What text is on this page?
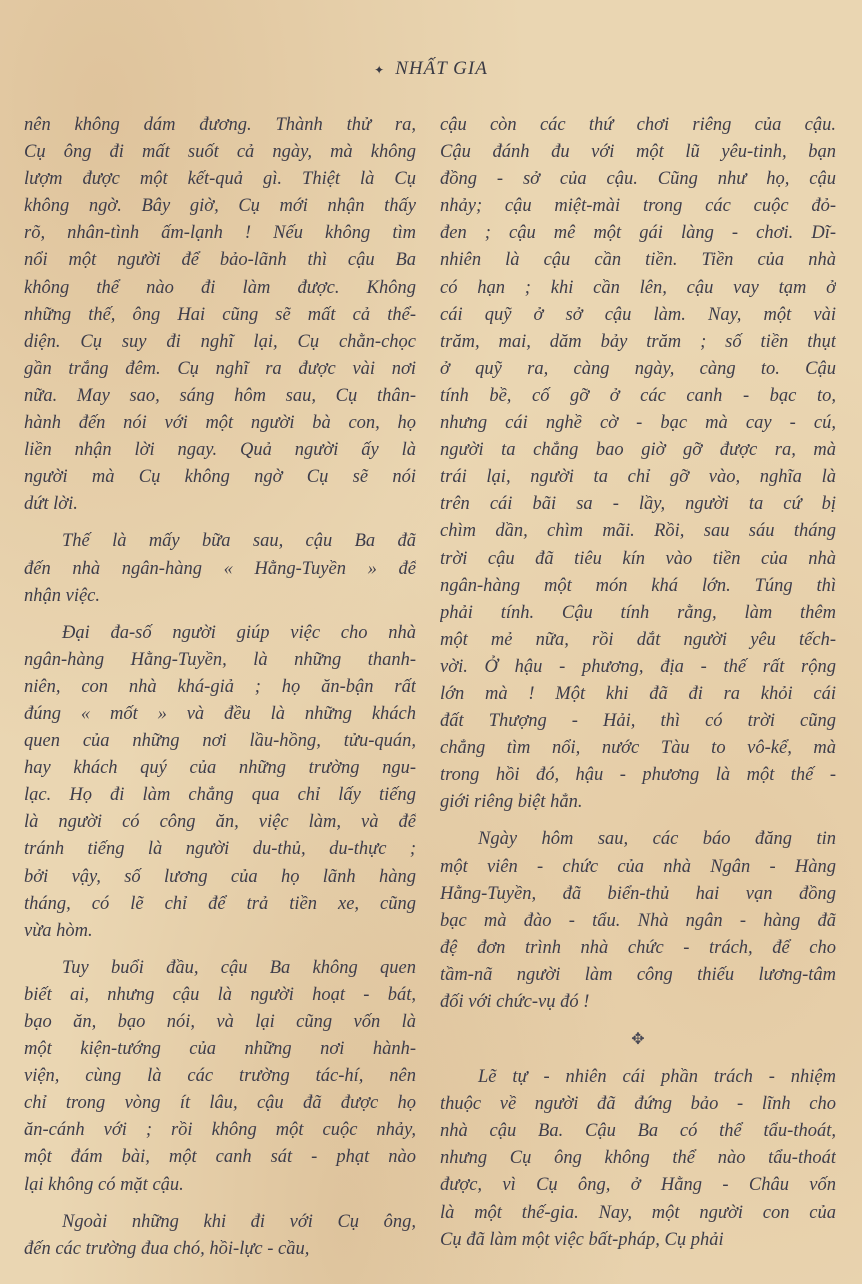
✦ NHẤT GIA
nên không dám đương. Thành thử ra,
Cụ ông đi mất suốt cả ngày, mà không
lượm được một kết-quả gì. Thiệt là Cụ
không ngờ. Bây giờ, Cụ mới nhận thấy
rõ, nhân-tình ấm-lạnh ! Nếu không tìm
nổi một người để bảo-lãnh thì cậu Ba
không thể nào đi làm được. Không
những thế, ông Hai cũng sẽ mất cả thể-
diện. Cụ suy đi nghĩ lại, Cụ chằn-chọc
gần trắng đêm. Cụ nghĩ ra được vài nơi
nữa. May sao, sáng hôm sau, Cụ thân-
hành đến nói với một người bà con, họ
liền nhận lời ngay. Quả người ấy là
người mà Cụ không ngờ Cụ sẽ nói
dứt lời.
Thế là mấy bữa sau, cậu Ba đã
đến nhà ngân-hàng « Hằng-Tuyền » để
nhận việc.
Đại đa-số người giúp việc cho nhà
ngân-hàng Hằng-Tuyền, là những thanh-
niên, con nhà khá-giả ; họ ăn-bận rất
đúng « mốt » và đều là những khách
quen của những nơi lầu-hồng, tửu-quán,
hay khách quý của những trường ngu-
lạc. Họ đi làm chẳng qua chỉ lấy tiếng
là người có công ăn, việc làm, và để
tránh tiếng là người du-thủ, du-thực ;
bởi vậy, số lương của họ lãnh hàng
tháng, có lẽ chỉ để trả tiền xe, cũng
vừa hòm.
Tuy buổi đầu, cậu Ba không quen
biết ai, nhưng cậu là người hoạt - bát,
bạo ăn, bạo nói, và lại cũng vốn là
một kiện-tướng của những nơi hành-
viện, cùng là các trường tác-hí, nên
chỉ trong vòng ít lâu, cậu đã được họ
ăn-cánh với ; rồi không một cuộc nhảy,
một đám bài, một canh sát - phạt nào
lại không có mặt cậu.
Ngoài những khi đi với Cụ ông,
đến các trường đua chó, hồi-lực - cầu,
cậu còn các thứ chơi riêng của cậu.
Cậu đánh đu với một lũ yêu-tinh, bạn
đồng - sở của cậu. Cũng như họ, cậu
nhảy; cậu miệt-mài trong các cuộc đỏ-
đen ; cậu mê một gái làng - chơi. Dĩ-
nhiên là cậu cần tiền. Tiền của nhà
có hạn ; khi cần lên, cậu vay tạm ở
cái quỹ ở sở cậu làm. Nay, một vài
trăm, mai, dăm bảy trăm ; số tiền thụt
ở quỹ ra, càng ngày, càng to. Cậu
tính bề, cố gỡ ở các canh - bạc to,
nhưng cái nghề cờ - bạc mà cay - cú,
người ta chẳng bao giờ gỡ được ra, mà
trái lại, người ta chỉ gỡ vào, nghĩa là
trên cái bãi sa - lầy, người ta cứ bị
chìm dần, chìm mãi. Rồi, sau sáu tháng
trời cậu đã tiêu kín vào tiền của nhà
ngân-hàng một món khá lớn. Túng thì
phải tính. Cậu tính rằng, làm thêm
một mẻ nữa, rồi dắt người yêu tếch-
vời. Ở hậu - phương, địa - thế rất rộng
lớn mà ! Một khi đã đi ra khỏi cái
đất Thượng - Hải, thì có trời cũng
chẳng tìm nổi, nước Tàu to vô-kể, mà
trong hồi đó, hậu - phương là một thế -
giới riêng biệt hẳn.
Ngày hôm sau, các báo đăng tin
một viên - chức của nhà Ngân - Hàng
Hằng-Tuyền, đã biển-thủ hai vạn đồng
bạc mà đào - tẩu. Nhà ngân - hàng đã
đệ đơn trình nhà chức - trách, để cho
tầm-nã người làm công thiếu lương-tâm
đối với chức-vụ đó !
✥
Lẽ tự - nhiên cái phần trách - nhiệm
thuộc về người đã đứng bảo - lĩnh cho
nhà cậu Ba. Cậu Ba có thể tẩu-thoát,
nhưng Cụ ông không thể nào tẩu-thoát
được, vì Cụ ông, ở Hằng - Châu vốn
là một thế-gia. Nay, một người con của
Cụ đã làm một việc bất-pháp, Cụ phải
